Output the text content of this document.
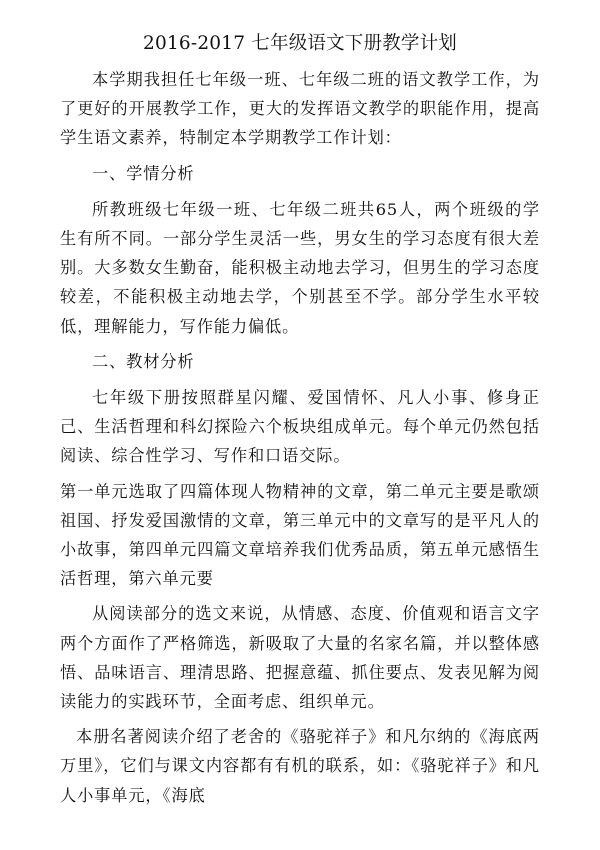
2016-2017 七年级语文下册教学计划

本学期我担任七年级一班、七年级二班的语文教学工作，为了更好的开展教学工作，更大的发挥语文教学的职能作用，提高学生语文素养，特制定本学期教学工作计划：

一、学情分析

所教班级七年级一班、七年级二班共65人，两个班级的学生有所不同。一部分学生灵活一些，男女生的学习态度有很大差别。大多数女生勤奋，能积极主动地去学习，但男生的学习态度较差，不能积极主动地去学，个别甚至不学。部分学生水平较低，理解能力，写作能力偏低。

二、教材分析

七年级下册按照群星闪耀、爱国情怀、凡人小事、修身正己、生活哲理和科幻探险六个板块组成单元。每个单元仍然包括阅读、综合性学习、写作和口语交际。

第一单元选取了四篇体现人物精神的文章，第二单元主要是歌颂祖国、抒发爱国激情的文章，第三单元中的文章写的是平凡人的小故事，第四单元四篇文章培养我们优秀品质，第五单元感悟生活哲理，第六单元要

从阅读部分的选文来说，从情感、态度、价值观和语言文字两个方面作了严格筛选，新吸取了大量的名家名篇，并以整体感悟、品味语言、理清思路、把握意蕴、抓住要点、发表见解为阅读能力的实践环节，全面考虑、组织单元。

本册名著阅读介绍了老舍的《骆驼祥子》和凡尔纳的《海底两万里》，它们与课文内容都有有机的联系，如：《骆驼祥子》和凡人小事单元，《海底
